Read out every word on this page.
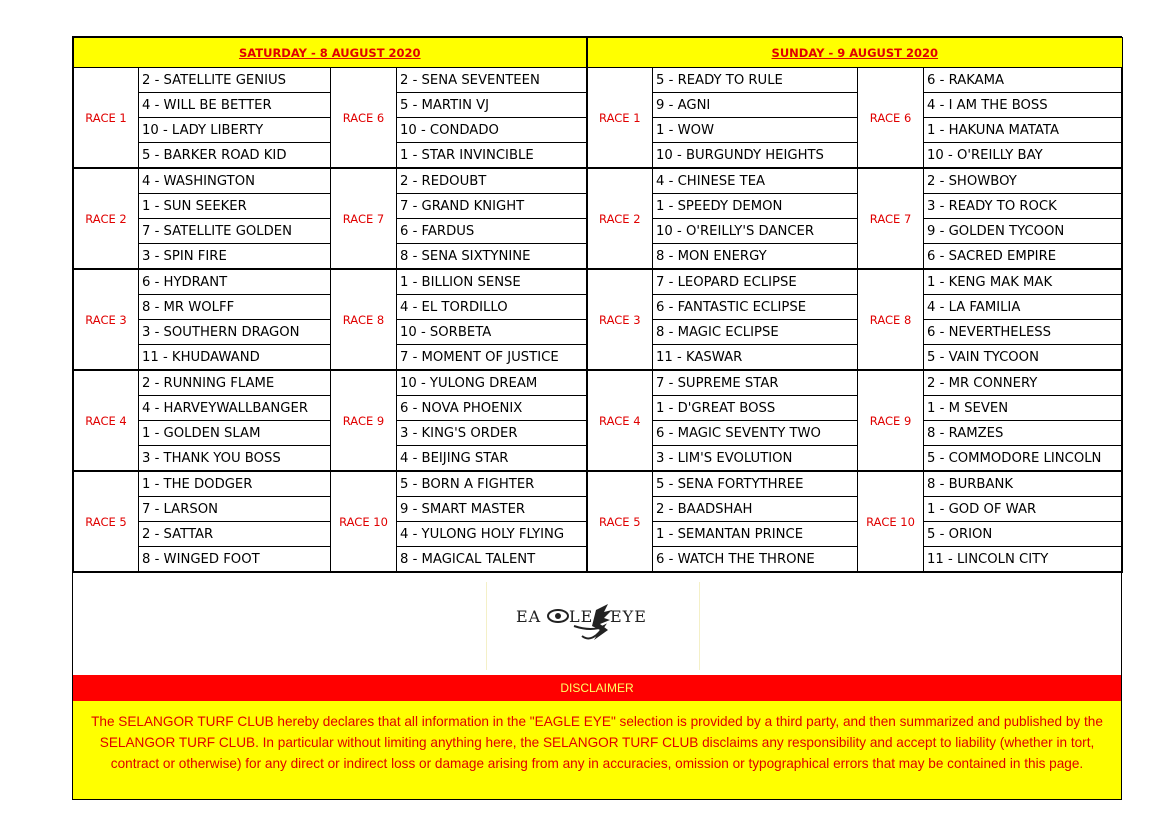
SATURDAY - 8 AUGUST 2020				SUNDAY - 9 AUGUST 2020			
RACE 1	2 - SATELLITE GENIUS	RACE 6	2 - SENA SEVENTEEN	RACE 1	5 - READY TO RULE	RACE 6	6 - RAKAMA
	4 - WILL BE BETTER		5 - MARTIN VJ		9 - AGNI		4 - I AM THE BOSS
	10 - LADY LIBERTY		10 - CONDADO		1 - WOW		1 - HAKUNA MATATA
	5 - BARKER ROAD KID		1 - STAR INVINCIBLE		10 - BURGUNDY HEIGHTS		10 - O'REILLY BAY
RACE 2	4 - WASHINGTON	RACE 7	2 - REDOUBT	RACE 2	4 - CHINESE TEA	RACE 7	2 - SHOWBOY
	1 - SUN SEEKER		7 - GRAND KNIGHT		1 - SPEEDY DEMON		3 - READY TO ROCK
	7 - SATELLITE GOLDEN		6 - FARDUS		10 - O'REILLY'S DANCER		9 - GOLDEN TYCOON
	3 - SPIN FIRE		8 - SENA SIXTYNINE		8 - MON ENERGY		6 - SACRED EMPIRE
RACE 3	6 - HYDRANT	RACE 8	1 - BILLION SENSE	RACE 3	7 - LEOPARD ECLIPSE	RACE 8	1 - KENG MAK MAK
	8 - MR WOLFF		4 - EL TORDILLO		6 - FANTASTIC ECLIPSE		4 - LA FAMILIA
	3 - SOUTHERN DRAGON		10 - SORBETA		8 - MAGIC ECLIPSE		6 - NEVERTHELESS
	11 - KHUDAWAND		7 - MOMENT OF JUSTICE		11 - KASWAR		5 - VAIN TYCOON
RACE 4	2 - RUNNING FLAME	RACE 9	10 - YULONG DREAM	RACE 4	7 - SUPREME STAR	RACE 9	2 - MR CONNERY
	4 - HARVEYWALLBANGER		6 - NOVA PHOENIX		1 - D'GREAT BOSS		1 - M SEVEN
	1 - GOLDEN SLAM		3 - KING'S ORDER		6 - MAGIC SEVENTY TWO		8 - RAMZES
	3 - THANK YOU BOSS		4 - BEIJING STAR		3 - LIM'S EVOLUTION		5 - COMMODORE LINCOLN
RACE 5	1 - THE DODGER	RACE 10	5 - BORN A FIGHTER	RACE 5	5 - SENA FORTYTHREE	RACE 10	8 - BURBANK
	7 - LARSON		9 - SMART MASTER		2 - BAADSHAH		1 - GOD OF WAR
	2 - SATTAR		4 - YULONG HOLY FLYING		1 - SEMANTAN PRINCE		5 - ORION
	8 - WINGED FOOT		8 - MAGICAL TALENT		6 - WATCH THE THRONE		11 - LINCOLN CITY
EA LE EYE
DISCLAIMER
The SELANGOR TURF CLUB hereby declares that all information in the "EAGLE EYE" selection is provided by a third party, and then summarized and published by the SELANGOR TURF CLUB. In particular without limiting anything here, the SELANGOR TURF CLUB disclaims any responsibility and accept to liability (whether in tort, contract or otherwise) for any direct or indirect loss or damage arising from any in accuracies, omission or typographical errors that may be contained in this page.
